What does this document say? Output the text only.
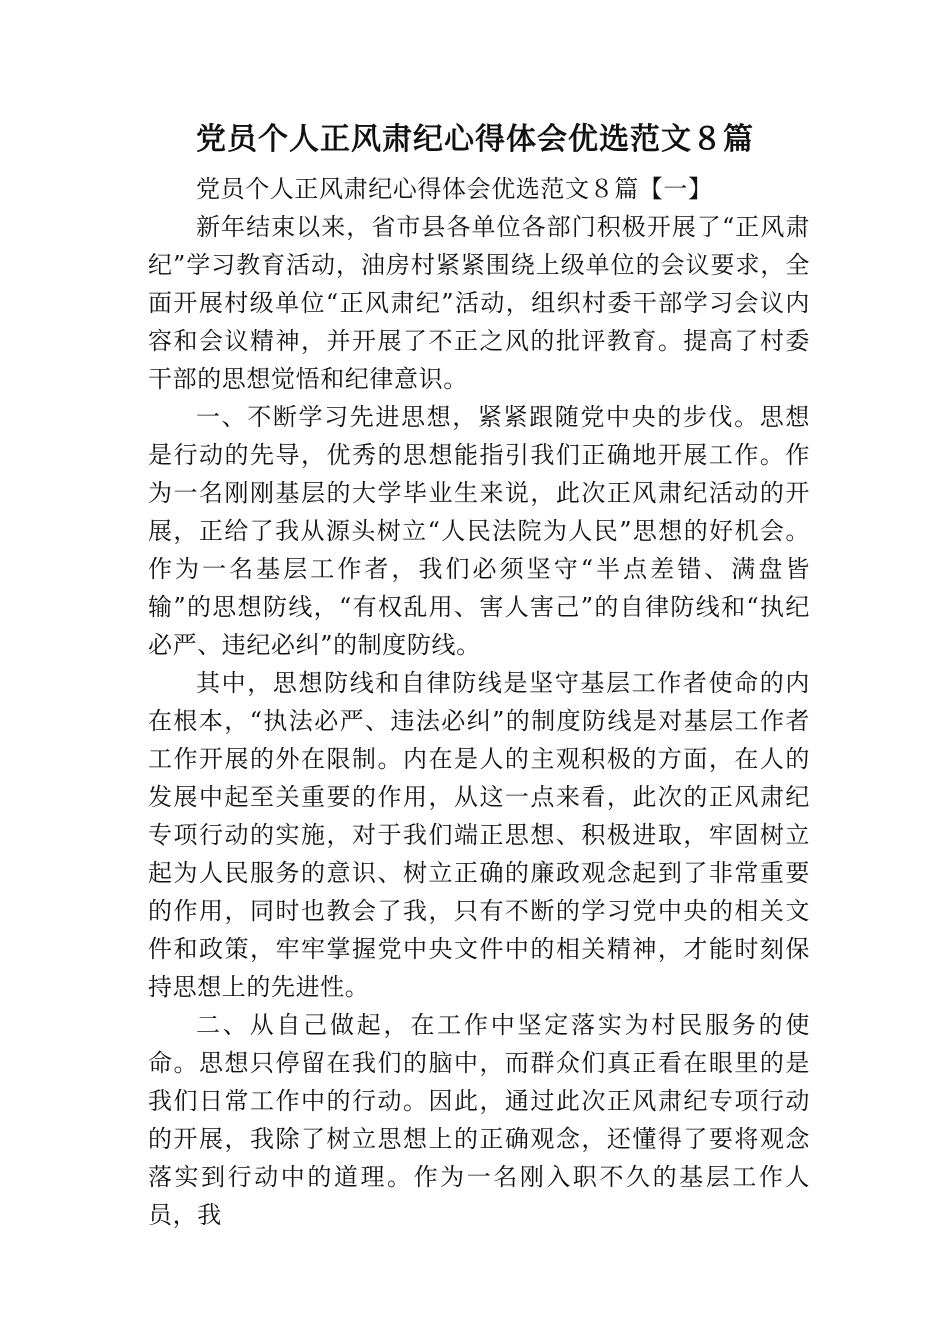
党员个人正风肃纪心得体会优选范文８篇

党员个人正风肃纪心得体会优选范文８篇【一】

新年结束以来，省市县各单位各部门积极开展了“正风肃纪”学习教育活动，油房村紧紧围绕上级单位的会议要求，全面开展村级单位“正风肃纪”活动，组织村委干部学习会议内容和会议精神，并开展了不正之风的批评教育。提高了村委干部的思想觉悟和纪律意识。

一、不断学习先进思想，紧紧跟随党中央的步伐。思想是行动的先导，优秀的思想能指引我们正确地开展工作。作为一名刚刚基层的大学毕业生来说，此次正风肃纪活动的开展，正给了我从源头树立“人民法院为人民”思想的好机会。作为一名基层工作者，我们必须坚守“半点差错、满盘皆输”的思想防线，“有权乱用、害人害己”的自律防线和“执纪必严、违纪必纠”的制度防线。

其中，思想防线和自律防线是坚守基层工作者使命的内在根本，“执法必严、违法必纠”的制度防线是对基层工作者工作开展的外在限制。内在是人的主观积极的方面，在人的发展中起至关重要的作用，从这一点来看，此次的正风肃纪专项行动的实施，对于我们端正思想、积极进取，牢固树立起为人民服务的意识、树立正确的廉政观念起到了非常重要的作用，同时也教会了我，只有不断的学习党中央的相关文件和政策，牢牢掌握党中央文件中的相关精神，才能时刻保持思想上的先进性。

二、从自己做起，在工作中坚定落实为村民服务的使命。思想只停留在我们的脑中，而群众们真正看在眼里的是我们日常工作中的行动。因此，通过此次正风肃纪专项行动的开展，我除了树立思想上的正确观念，还懂得了要将观念落实到行动中的道理。作为一名刚入职不久的基层工作人员，我
